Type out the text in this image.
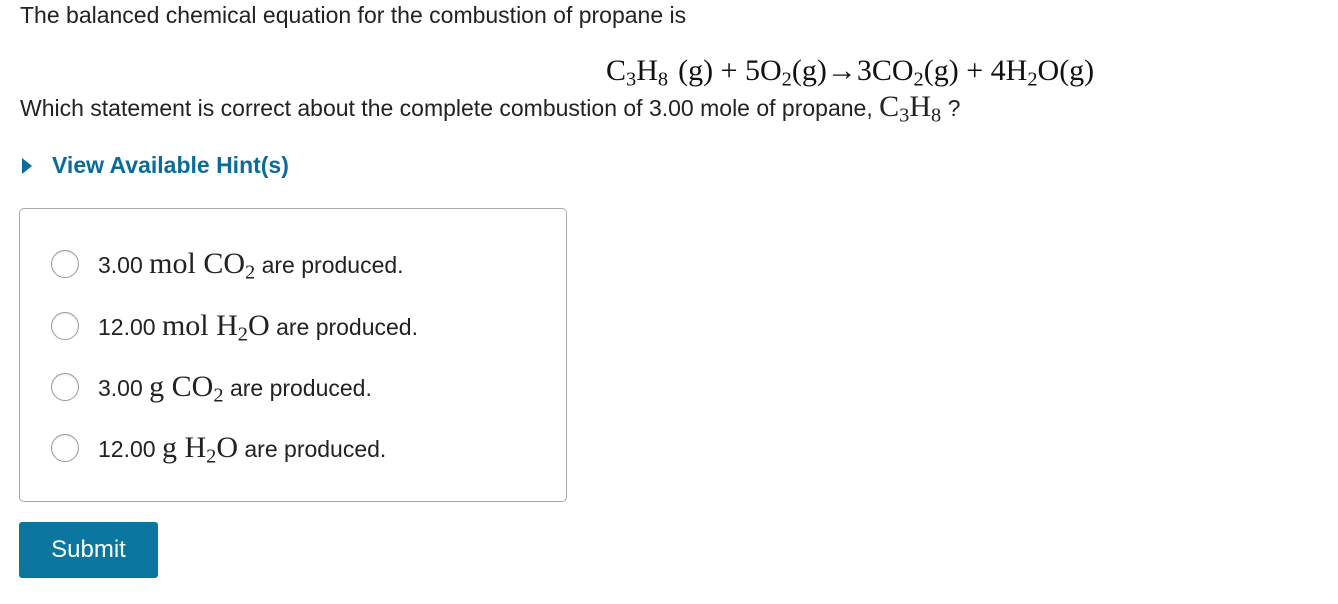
The balanced chemical equation for the combustion of propane is
$C_3H_8$ $(g) + 5O_2(g)\to 3CO_2(g) + 4H_2O(g)$
Which statement is correct about the complete combustion of 3.00 mole of propane, $C_3H_8$ ?
View Available Hint(s)
3.00 mol $CO_2$ are produced.
12.00 mol $H_2O$ are produced.
3.00 g $CO_2$ are produced.
12.00 g $H_2O$ are produced.
Submit
